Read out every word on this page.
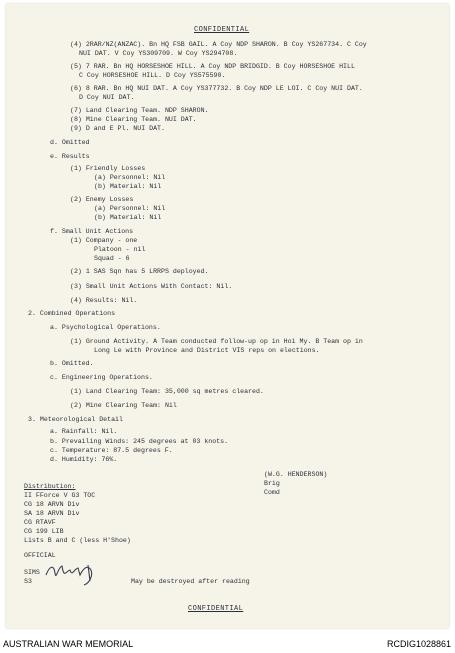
CONFIDENTIAL
(4) 2RAR/NZ(ANZAC). Bn HQ FSB GAIL. A Coy NDP SHARON. B Coy YS267734. C Coy
NUI DAT. V Coy YS309709. W Coy YS294708.
(5) 7 RAR. Bn HQ HORSESHOE HILL. A Coy NDP BRIDGID. B Coy HORSESHOE HILL
C Coy HORSESHOE HILL. D Coy YS575590.
(6) 8 RAR. Bn HQ NUI DAT. A Coy YS377732. B Coy NDP LE LOI. C Coy NUI DAT.
D Coy NUI DAT.
(7) Land Clearing Team. NDP SHARON.
(8) Mine Clearing Team. NUI DAT.
(9) D and E Pl. NUI DAT.
d. Omitted
e. Results
(1) Friendly Losses
(a) Personnel: Nil
(b) Material: Nil
(2) Enemy Losses
(a) Personnel: Nil
(b) Material: Nil
f. Small Unit Actions
(1) Company - one
Platoon - nil
Squad - 6
(2) 1 SAS Sqn has 5 LRRPS deployed.
(3) Small Unit Actions With Contact: Nil.
(4) Results: Nil.
2. Combined Operations
a. Psychological Operations.
(1) Ground Activity. A Team conducted follow-up op in Hoi My. B Team op in
Long Le with Province and District VIS reps on elections.
b. Omitted.
c. Engineering Operations.
(1) Land Clearing Team: 35,000 sq metres cleared.
(2) Mine Clearing Team: Nil
3. Meteorological Detail
a. Rainfall: Nil.
b. Prevailing Winds: 245 degrees at 03 knots.
c. Temperature: 87.5 degrees F.
d. Humidity: 76%.
(W.G. HENDERSON)
Brig
Comd
Distribution:
II FForce V G3 TOC
CG 18 ARVN Div
SA 18 ARVN Div
CG RTAVF
CG 199 LIB
Lists B and C (less H'Shoe)
OFFICIAL
SIMS
S3	May be destroyed after reading
CONFIDENTIAL
AUSTRALIAN WAR MEMORIAL	RCDIG1028861
